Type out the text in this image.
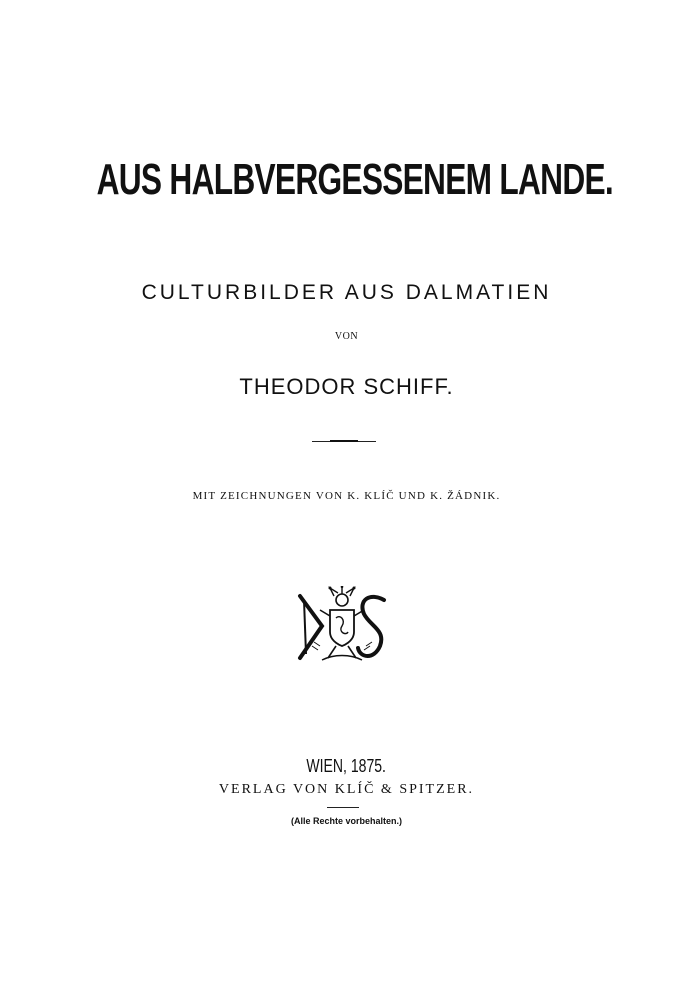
AUS HALBVERGESSENEM LANDE.
CULTURBILDER AUS DALMATIEN
VON
THEODOR SCHIFF.
MIT ZEICHNUNGEN VON K. KLÍČ UND K. ŽÁDNIK.
WIEN, 1875.
VERLAG VON KLÍČ & SPITZER.
(Alle Rechte vorbehalten.)
